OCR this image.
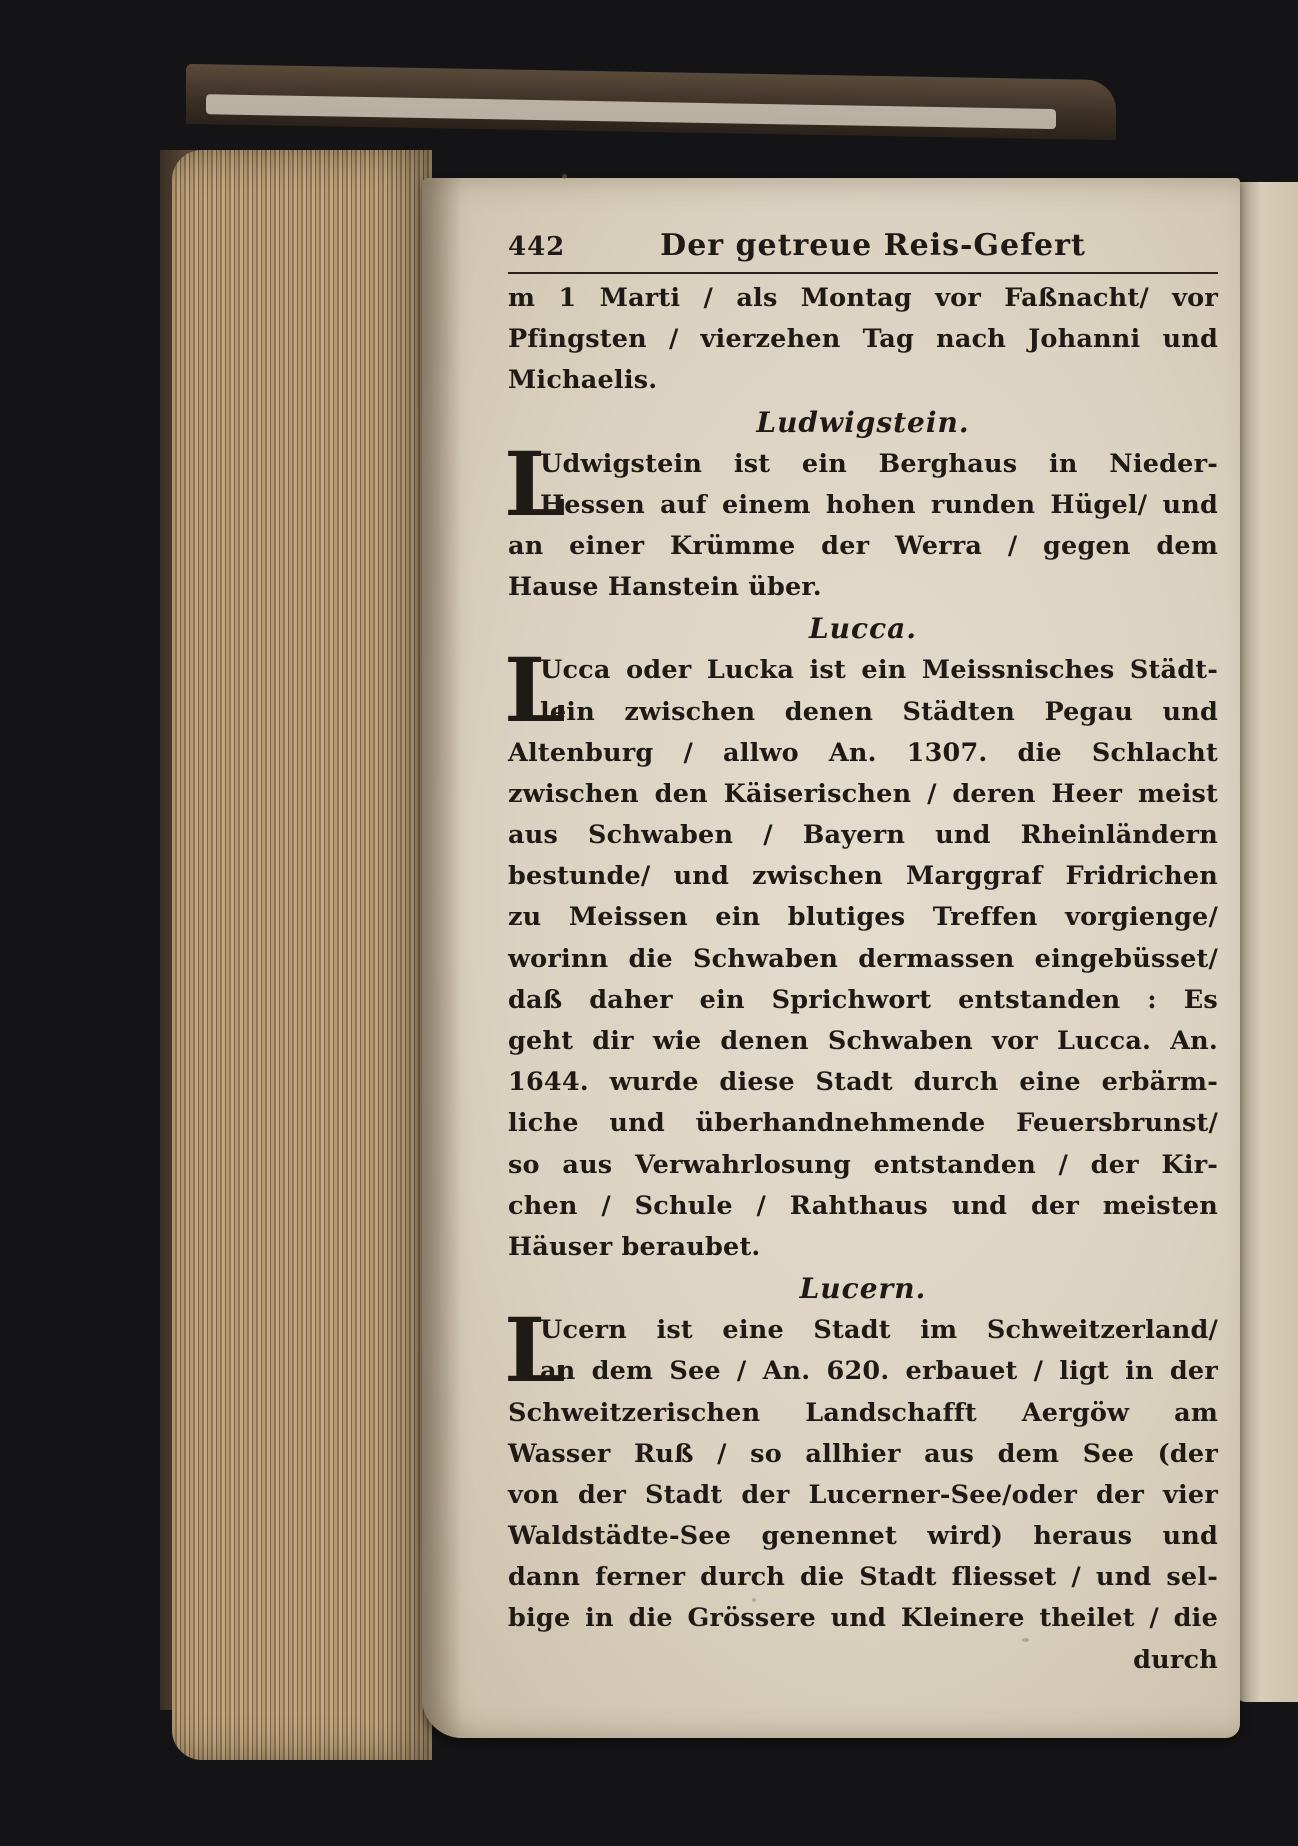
442	Der getreue Reis-Gefert
m 1 Marti / als Montag vor Faßnacht/ vor
Pfingsten / vierzehen Tag nach Johanni und
Michaelis.
Ludwigstein.
L
Udwigstein ist ein Berghaus in Nieder-
Hessen auf einem hohen runden Hügel/ und
an einer Krümme der Werra / gegen dem
Hause Hanstein über.
Lucca.
L
Ucca oder Lucka ist ein Meissnisches Städt-
lein zwischen denen Städten Pegau und
Altenburg / allwo An. 1307. die Schlacht
zwischen den Käiserischen / deren Heer meist
aus Schwaben / Bayern und Rheinländern
bestunde/ und zwischen Marggraf Fridrichen
zu Meissen ein blutiges Treffen vorgienge/
worinn die Schwaben dermassen eingebüsset/
daß daher ein Sprichwort entstanden : Es
geht dir wie denen Schwaben vor Lucca. An.
1644. wurde diese Stadt durch eine erbärm-
liche und überhandnehmende Feuersbrunst/
so aus Verwahrlosung entstanden / der Kir-
chen / Schule / Rahthaus und der meisten
Häuser beraubet.
Lucern.
L
Ucern ist eine Stadt im Schweitzerland/
an dem See / An. 620. erbauet / ligt in der
Schweitzerischen Landschafft Aergöw am
Wasser Ruß / so allhier aus dem See (der
von der Stadt der Lucerner-See/oder der vier
Waldstädte-See genennet wird) heraus und
dann ferner durch die Stadt fliesset / und sel-
bige in die Grössere und Kleinere theilet / die
durch
